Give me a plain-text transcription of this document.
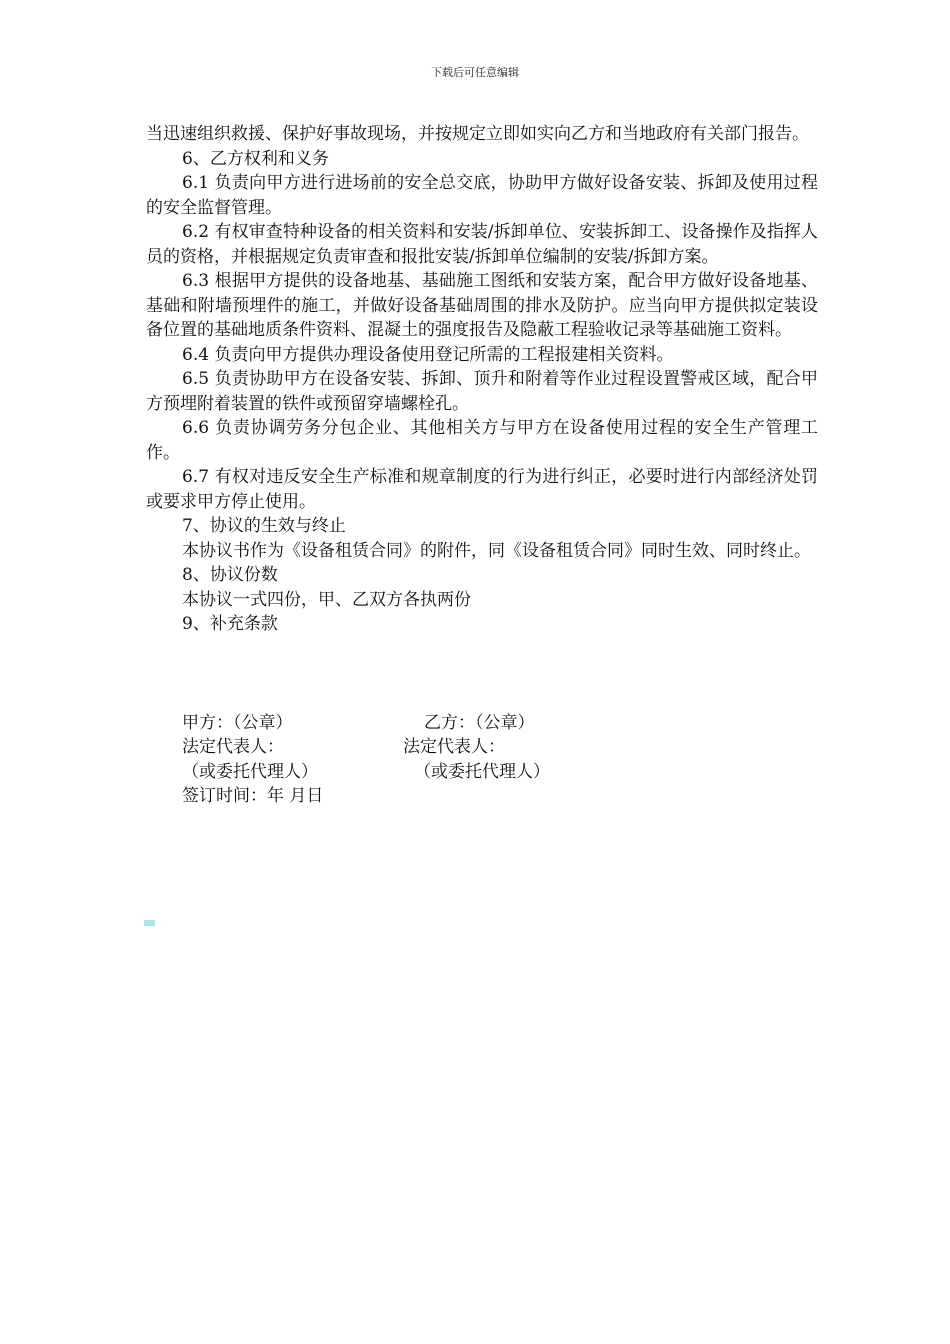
下载后可任意编辑

当迅速组织救援、保护好事故现场，并按规定立即如实向乙方和当地政府有关部门报告。

6、乙方权利和义务

6.1 负责向甲方进行进场前的安全总交底，协助甲方做好设备安装、拆卸及使用过程的安全监督管理。

6.2 有权审查特种设备的相关资料和安装/拆卸单位、安装拆卸工、设备操作及指挥人员的资格，并根据规定负责审查和报批安装/拆卸单位编制的安装/拆卸方案。

6.3 根据甲方提供的设备地基、基础施工图纸和安装方案，配合甲方做好设备地基、基础和附墙预埋件的施工，并做好设备基础周围的排水及防护。应当向甲方提供拟定装设备位置的基础地质条件资料、混凝土的强度报告及隐蔽工程验收记录等基础施工资料。

6.4 负责向甲方提供办理设备使用登记所需的工程报建相关资料。

6.5 负责协助甲方在设备安装、拆卸、顶升和附着等作业过程设置警戒区域，配合甲方预埋附着装置的铁件或预留穿墙螺栓孔。

6.6 负责协调劳务分包企业、其他相关方与甲方在设备使用过程的安全生产管理工作。

6.7 有权对违反安全生产标准和规章制度的行为进行纠正，必要时进行内部经济处罚或要求甲方停止使用。

7、协议的生效与终止

本协议书作为《设备租赁合同》的附件，同《设备租赁合同》同时生效、同时终止。

8、协议份数

本协议一式四份，甲、乙双方各执两份

9、补充条款

甲方：（公章）	乙方：（公章）
法定代表人：	法定代表人：
（或委托代理人）	（或委托代理人）
签订时间：年 月日
